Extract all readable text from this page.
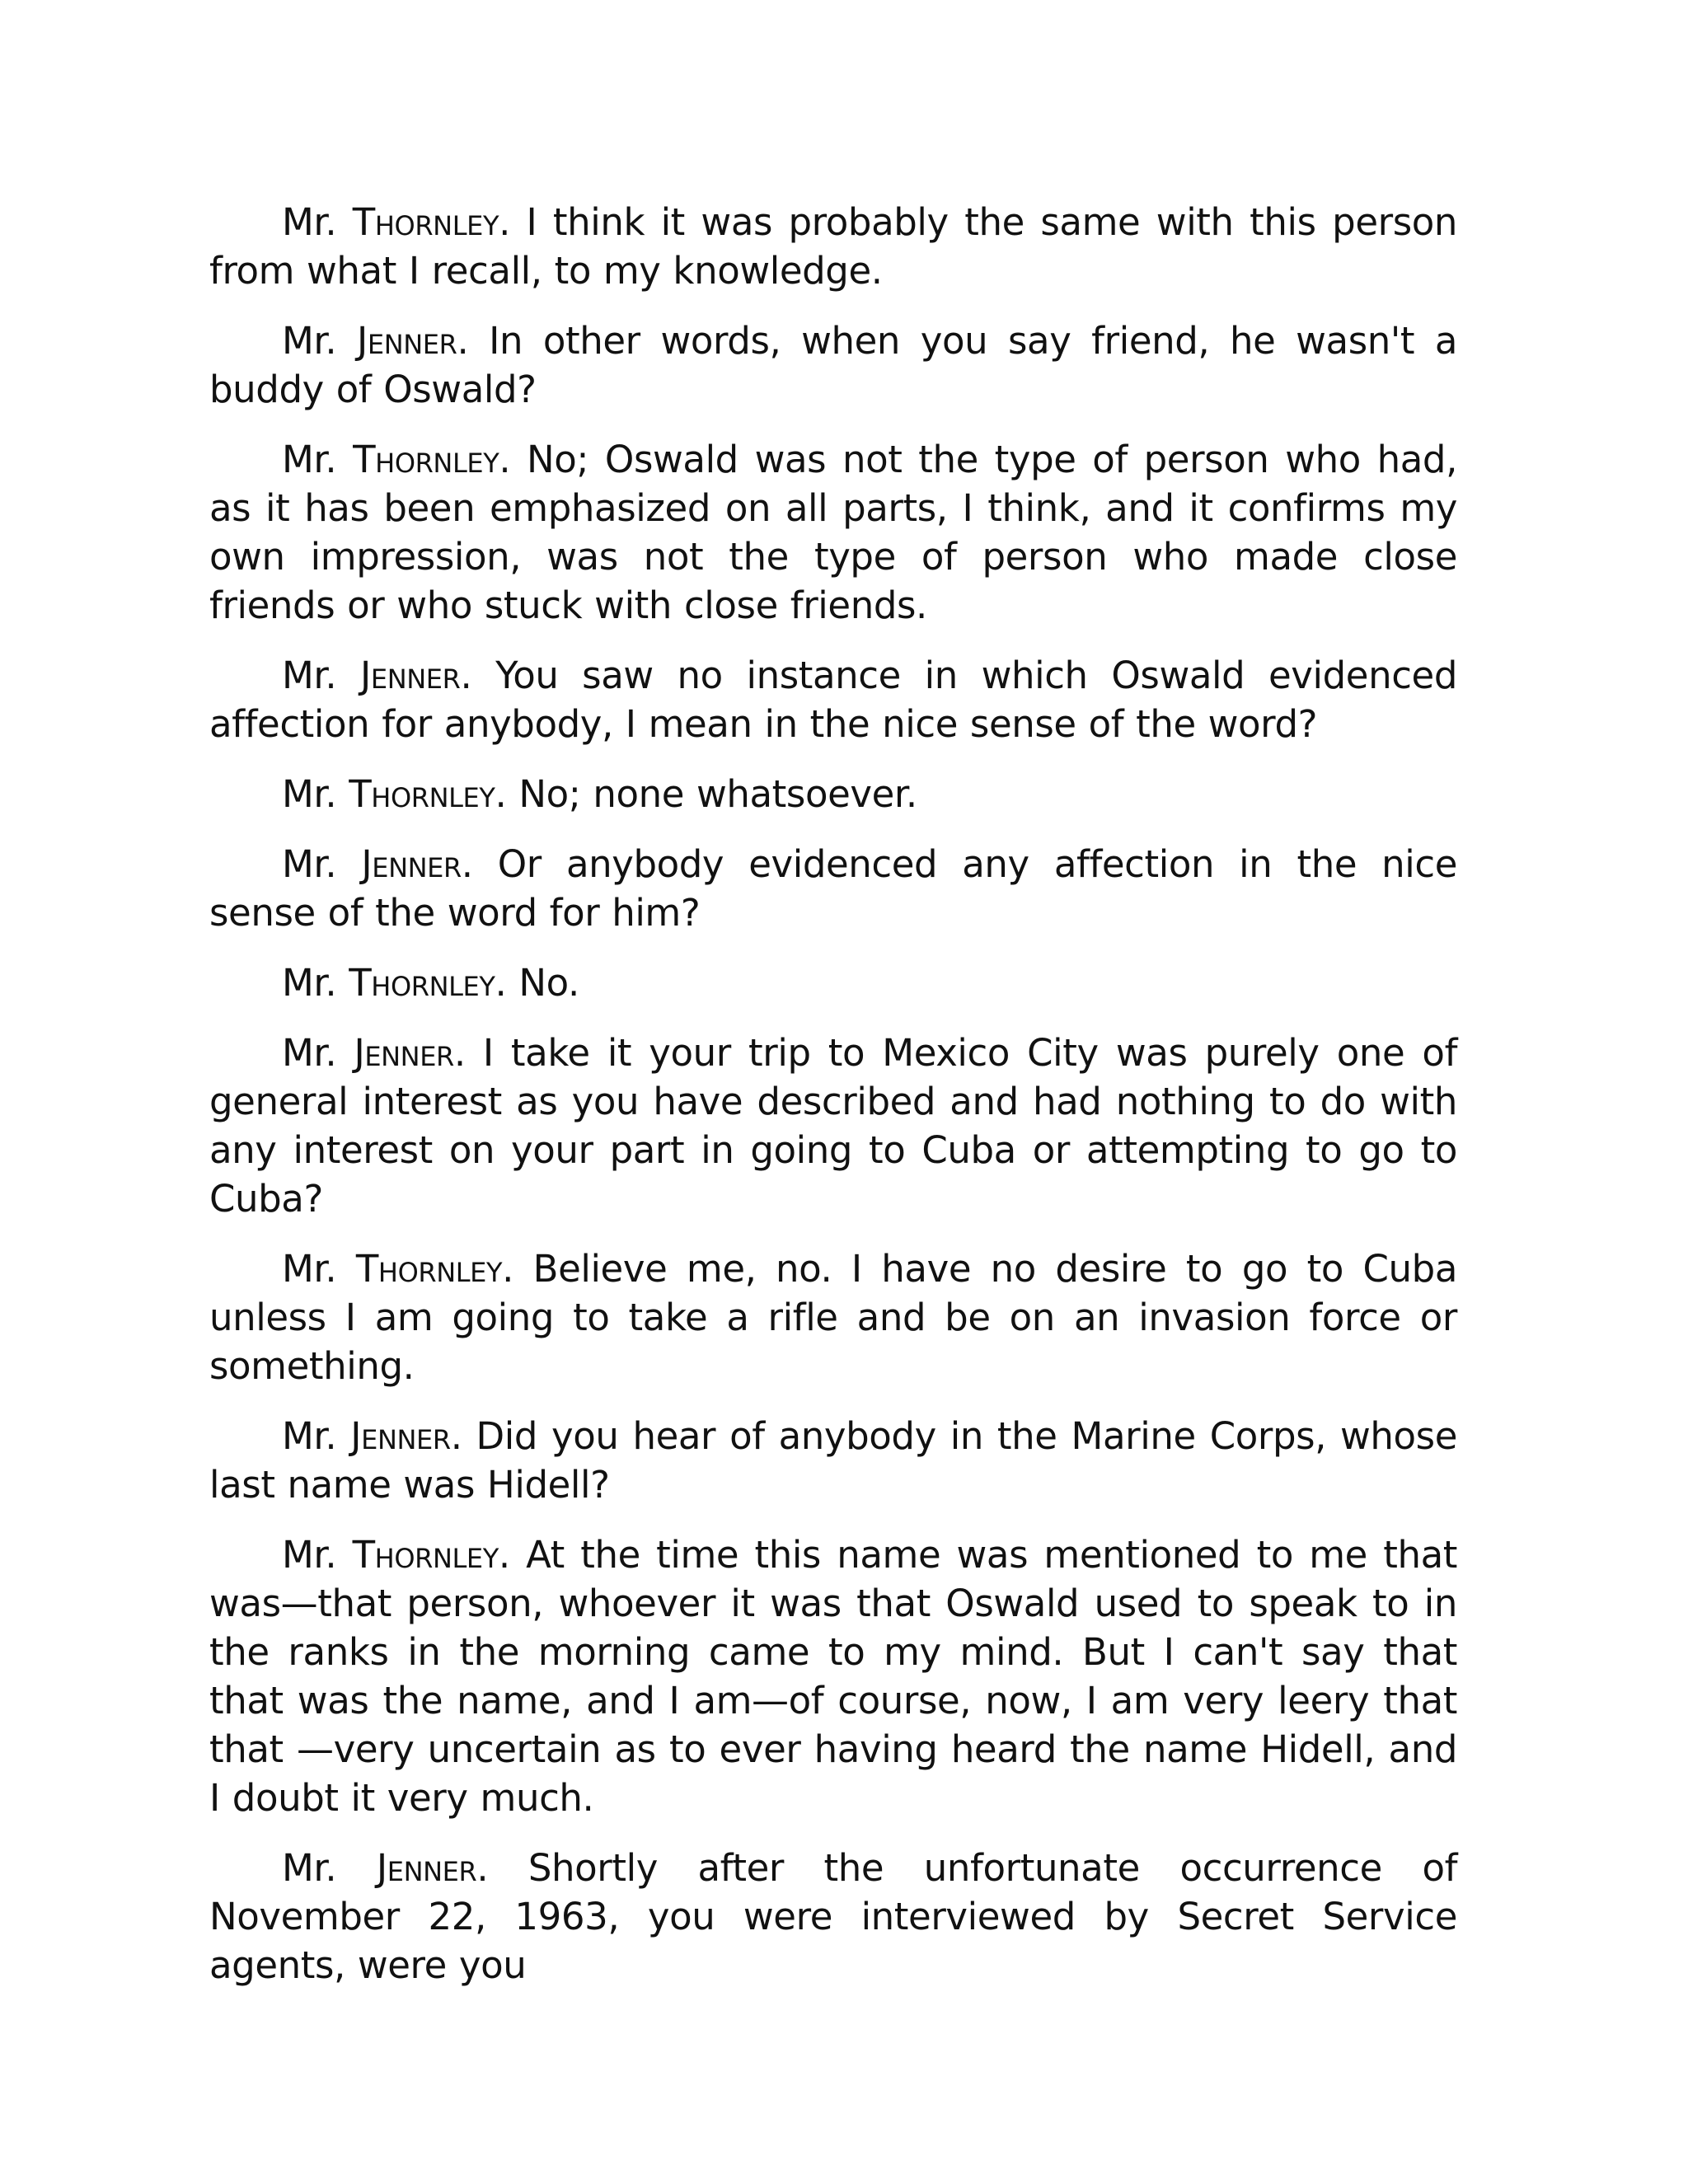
Mr. Thornley. I think it was probably the same with this person from what I recall, to my knowledge.

Mr. Jenner. In other words, when you say friend, he wasn't a buddy of Oswald?

Mr. Thornley. No; Oswald was not the type of person who had, as it has been emphasized on all parts, I think, and it confirms my own impression, was not the type of person who made close friends or who stuck with close friends.

Mr. Jenner. You saw no instance in which Oswald evidenced affection for anybody, I mean in the nice sense of the word?

Mr. Thornley. No; none whatsoever.

Mr. Jenner. Or anybody evidenced any affection in the nice sense of the word for him?

Mr. Thornley. No.

Mr. Jenner. I take it your trip to Mexico City was purely one of general interest as you have described and had nothing to do with any interest on your part in going to Cuba or attempting to go to Cuba?

Mr. Thornley. Believe me, no. I have no desire to go to Cuba unless I am going to take a rifle and be on an invasion force or something.

Mr. Jenner. Did you hear of anybody in the Marine Corps, whose last name was Hidell?

Mr. Thornley. At the time this name was mentioned to me that was—that person, whoever it was that Oswald used to speak to in the ranks in the morning came to my mind. But I can't say that that was the name, and I am—of course, now, I am very leery that that —very uncertain as to ever having heard the name Hidell, and I doubt it very much.

Mr. Jenner. Shortly after the unfortunate occurrence of November 22, 1963, you were interviewed by Secret Service agents, were you
